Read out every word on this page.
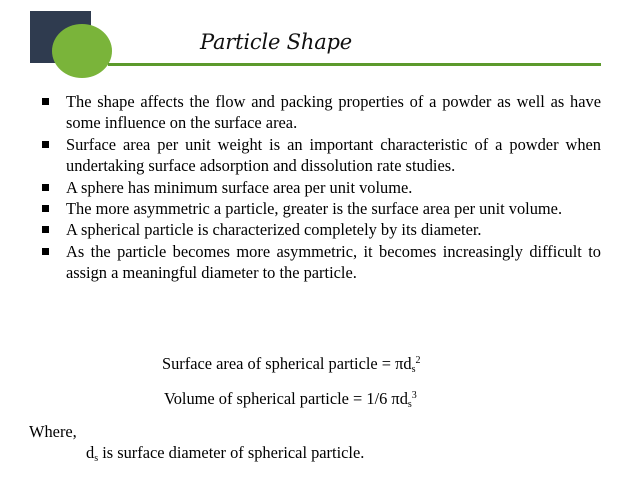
Particle Shape
The shape affects the flow and packing properties of a powder as well as have some influence on the surface area.
Surface area per unit weight is an important characteristic of a powder when undertaking surface adsorption and dissolution rate studies.
A sphere has minimum surface area per unit volume.
The more asymmetric a particle, greater is the surface area per unit volume.
A spherical particle is characterized completely by its diameter.
As the particle becomes more asymmetric, it becomes increasingly difficult to assign a meaningful diameter to the particle.
Surface area of spherical particle = $\pi d_s^2$
Volume of spherical particle = 1/6 $\pi d_s^3$
Where,
$d_s$ is surface diameter of spherical particle.
